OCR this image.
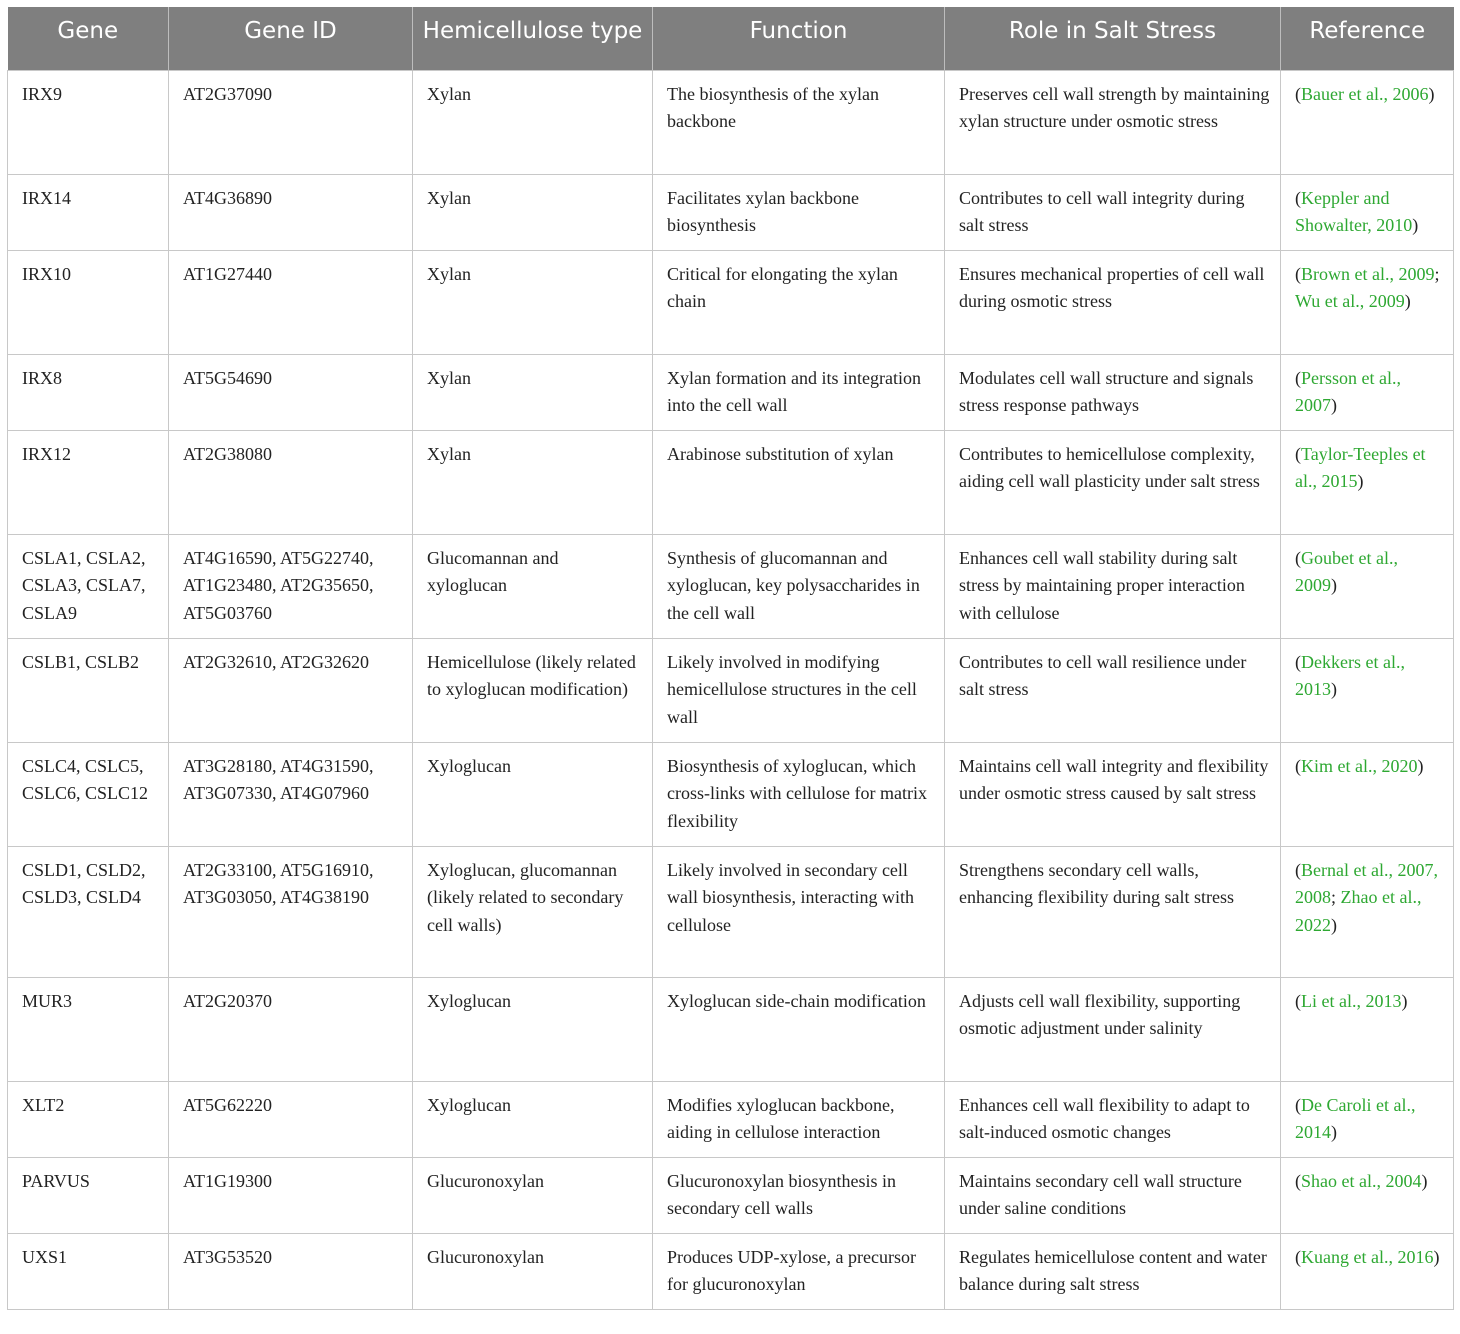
Gene	Gene ID	Hemicellulose type	Function	Role in Salt Stress	Reference
IRX9	AT2G37090	Xylan	The biosynthesis of the xylan backbone	Preserves cell wall strength by maintaining xylan structure under osmotic stress	(Bauer et al., 2006)
IRX14	AT4G36890	Xylan	Facilitates xylan backbone biosynthesis	Contributes to cell wall integrity during salt stress	(Keppler and Showalter, 2010)
IRX10	AT1G27440	Xylan	Critical for elongating the xylan chain	Ensures mechanical properties of cell wall during osmotic stress	(Brown et al., 2009; Wu et al., 2009)
IRX8	AT5G54690	Xylan	Xylan formation and its integration into the cell wall	Modulates cell wall structure and signals stress response pathways	(Persson et al., 2007)
IRX12	AT2G38080	Xylan	Arabinose substitution of xylan	Contributes to hemicellulose complexity, aiding cell wall plasticity under salt stress	(Taylor-Teeples et al., 2015)
CSLA1, CSLA2, CSLA3, CSLA7, CSLA9	AT4G16590, AT5G22740, AT1G23480, AT2G35650, AT5G03760	Glucomannan and xyloglucan	Synthesis of glucomannan and xyloglucan, key polysaccharides in the cell wall	Enhances cell wall stability during salt stress by maintaining proper interaction with cellulose	(Goubet et al., 2009)
CSLB1, CSLB2	AT2G32610, AT2G32620	Hemicellulose (likely related to xyloglucan modification)	Likely involved in modifying hemicellulose structures in the cell wall	Contributes to cell wall resilience under salt stress	(Dekkers et al., 2013)
CSLC4, CSLC5, CSLC6, CSLC12	AT3G28180, AT4G31590, AT3G07330, AT4G07960	Xyloglucan	Biosynthesis of xyloglucan, which cross-links with cellulose for matrix flexibility	Maintains cell wall integrity and flexibility under osmotic stress caused by salt stress	(Kim et al., 2020)
CSLD1, CSLD2, CSLD3, CSLD4	AT2G33100, AT5G16910, AT3G03050, AT4G38190	Xyloglucan, glucomannan (likely related to secondary cell walls)	Likely involved in secondary cell wall biosynthesis, interacting with cellulose	Strengthens secondary cell walls, enhancing flexibility during salt stress	(Bernal et al., 2007, 2008; Zhao et al., 2022)
MUR3	AT2G20370	Xyloglucan	Xyloglucan side-chain modification	Adjusts cell wall flexibility, supporting osmotic adjustment under salinity	(Li et al., 2013)
XLT2	AT5G62220	Xyloglucan	Modifies xyloglucan backbone, aiding in cellulose interaction	Enhances cell wall flexibility to adapt to salt-induced osmotic changes	(De Caroli et al., 2014)
PARVUS	AT1G19300	Glucuronoxylan	Glucuronoxylan biosynthesis in secondary cell walls	Maintains secondary cell wall structure under saline conditions	(Shao et al., 2004)
UXS1	AT3G53520	Glucuronoxylan	Produces UDP-xylose, a precursor for glucuronoxylan	Regulates hemicellulose content and water balance during salt stress	(Kuang et al., 2016)
